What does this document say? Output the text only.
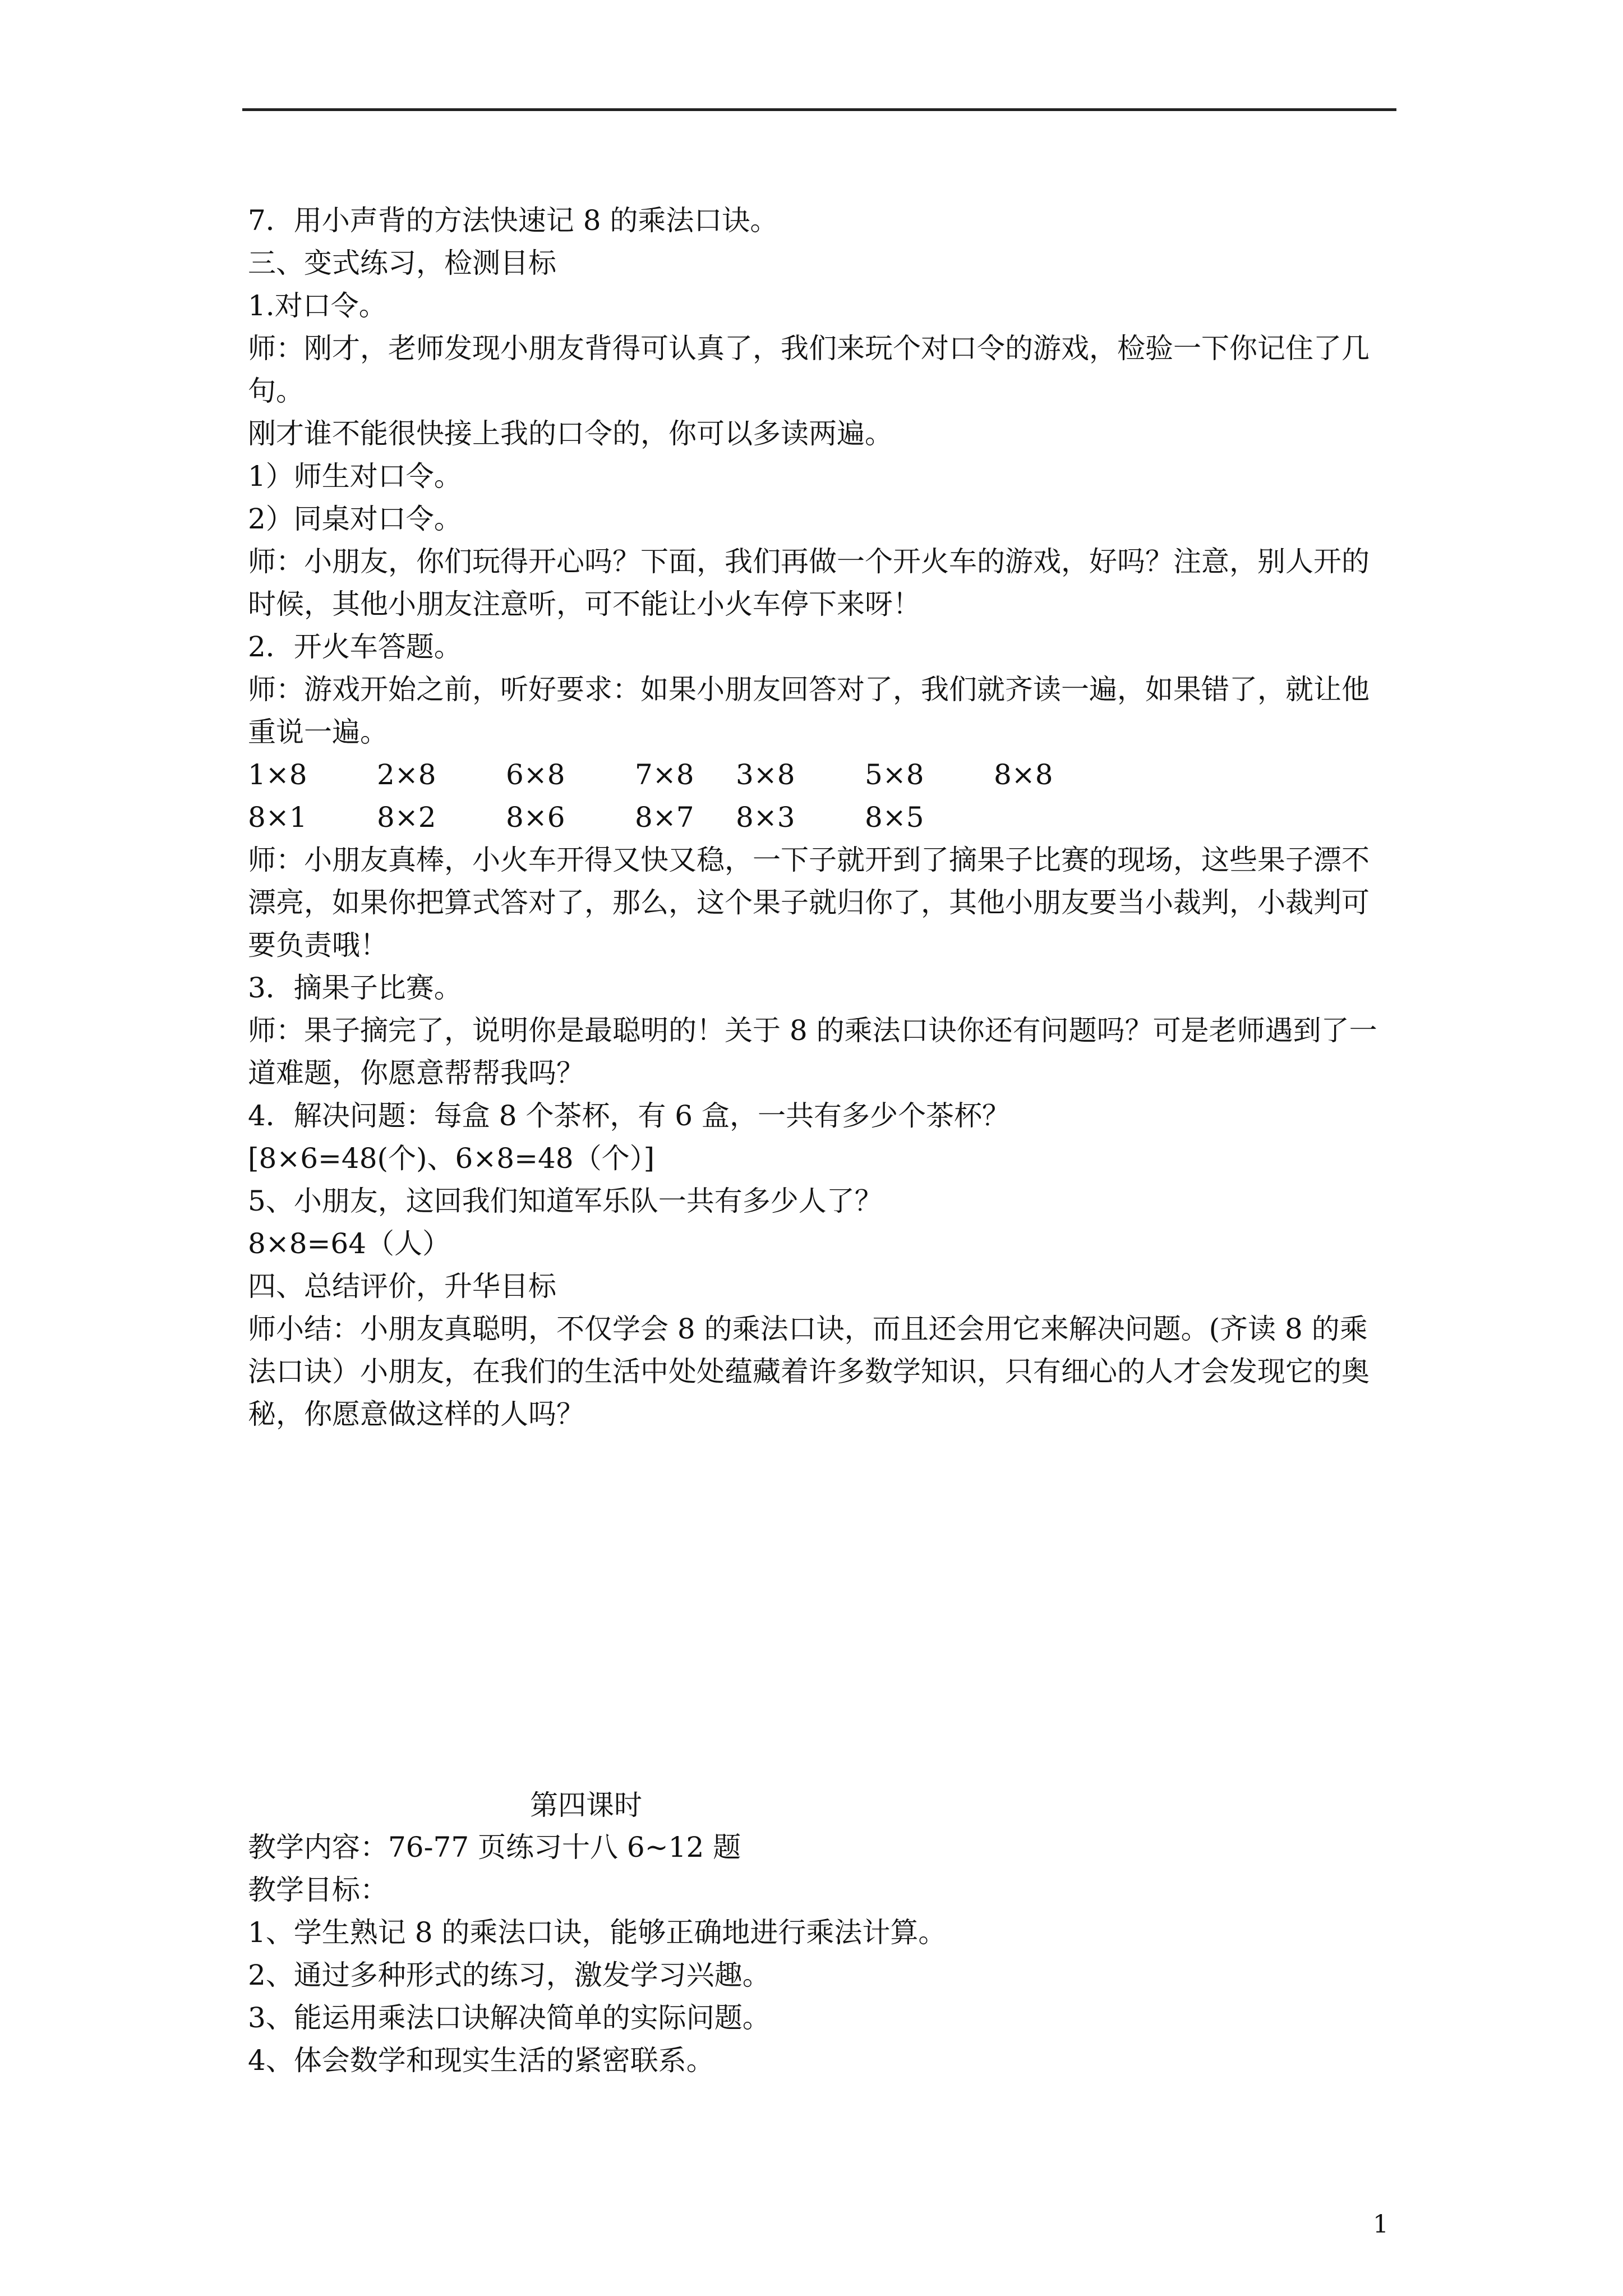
7．用小声背的方法快速记 8 的乘法口诀。
三、变式练习，检测目标
1.对口令。
师：刚才，老师发现小朋友背得可认真了，我们来玩个对口令的游戏，检验一下你记住了几
句。
刚才谁不能很快接上我的口令的，你可以多读两遍。
1）师生对口令。
2）同桌对口令。
师：小朋友，你们玩得开心吗？下面，我们再做一个开火车的游戏，好吗？注意，别人开的
时候，其他小朋友注意听，可不能让小火车停下来呀！
2．开火车答题。
师：游戏开始之前，听好要求：如果小朋友回答对了，我们就齐读一遍，如果错了，就让他
重说一遍。
1×8 2×8 6×8 7×8 3×8 5×8 8×8
8×1 8×2 8×6 8×7 8×3 8×5
师：小朋友真棒，小火车开得又快又稳，一下子就开到了摘果子比赛的现场，这些果子漂不
漂亮，如果你把算式答对了，那么，这个果子就归你了，其他小朋友要当小裁判，小裁判可
要负责哦！
3．摘果子比赛。
师：果子摘完了，说明你是最聪明的！关于 8 的乘法口诀你还有问题吗？可是老师遇到了一
道难题，你愿意帮帮我吗？
4．解决问题：每盒 8 个茶杯，有 6 盒，一共有多少个茶杯？
[8×6=48(个)、6×8=48（个）]
5、小朋友，这回我们知道军乐队一共有多少人了？
8×8=64（人）
四、总结评价，升华目标
师小结：小朋友真聪明，不仅学会 8 的乘法口诀，而且还会用它来解决问题。(齐读 8 的乘
法口诀）小朋友，在我们的生活中处处蕴藏着许多数学知识，只有细心的人才会发现它的奥
秘，你愿意做这样的人吗？
第四课时
教学内容：76-77 页练习十八 6~12 题
教学目标：
1、学生熟记 8 的乘法口诀，能够正确地进行乘法计算。
2、通过多种形式的练习，激发学习兴趣。
3、能运用乘法口诀解决简单的实际问题。
4、体会数学和现实生活的紧密联系。
1
